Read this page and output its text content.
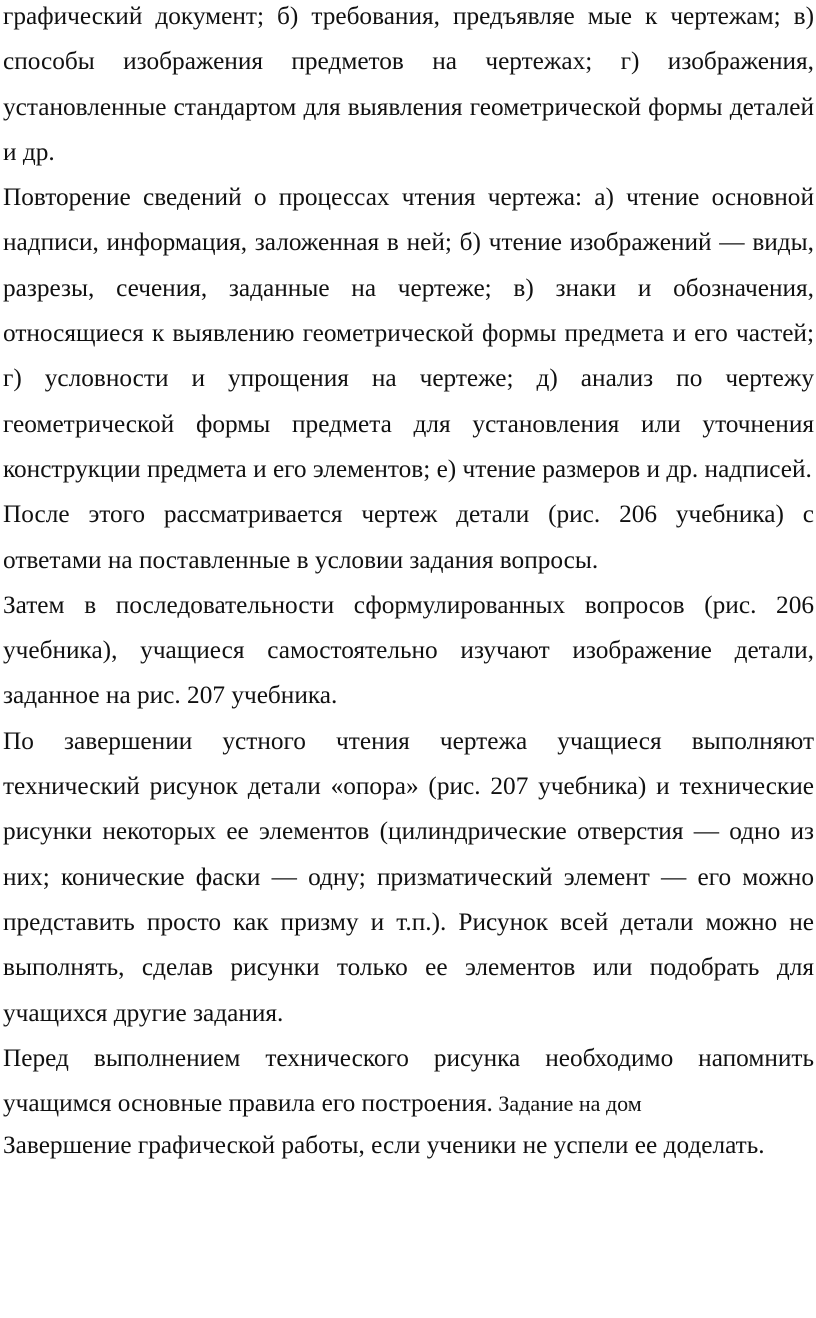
графический документ; б) требования, предъявляе мые к чертежам; в) способы изображения предметов на чертежах; г) изображения, установленные стандартом для выявления геометрической формы деталей и др.

Повторение сведений о процессах чтения чертежа: а) чтение основной надписи, информация, заложенная в ней; б) чтение изображений — виды, разрезы, сечения, заданные на чертеже; в) знаки и обозначения, относящиеся к выявлению геометрической формы предмета и его частей; г) условности и упрощения на чертеже; д) анализ по чертежу геометрической формы предмета для установления или уточнения конструкции предмета и его элементов; е) чтение размеров и др. надписей.

После этого рассматривается чертеж детали (рис. 206 учебника) с ответами на поставленные в условии задания вопросы.

Затем в последовательности сформулированных вопросов (рис. 206 учебника), учащиеся самостоятельно изучают изображение детали, заданное на рис. 207 учебника.

По завершении устного чтения чертежа учащиеся выполняют технический рисунок детали «опора» (рис. 207 учебника) и технические рисунки некоторых ее элементов (цилиндрические отверстия — одно из них; конические фаски — одну; призматический элемент — его можно представить просто как призму и т.п.). Рисунок всей детали можно не выполнять, сделав рисунки только ее элементов или подобрать для учащихся другие задания.

Перед выполнением технического рисунка необходимо напомнить учащимся основные правила его построения. Задание на дом

Завершение графической работы, если ученики не успели ее доделать.
